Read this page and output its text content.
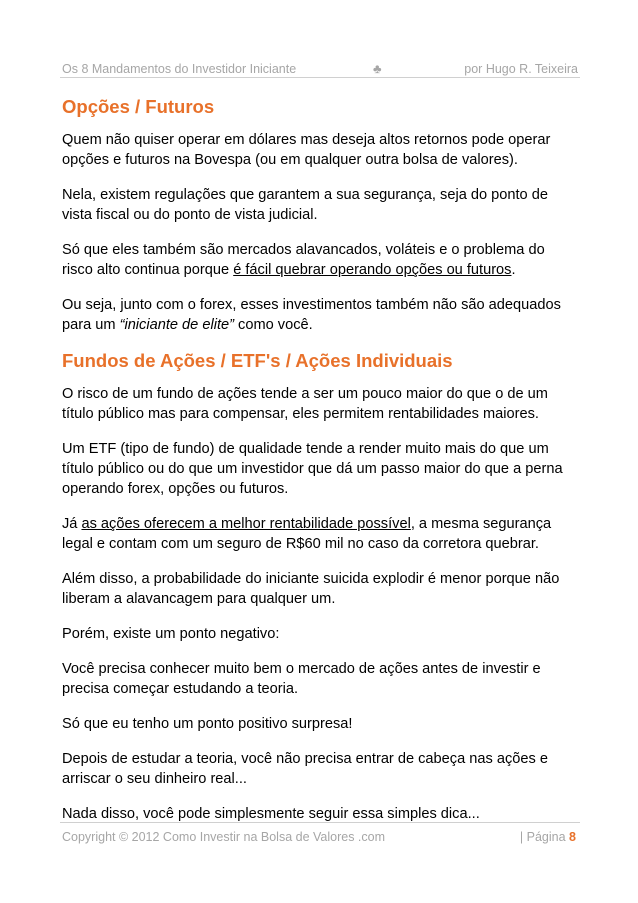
Os 8 Mandamentos do Investidor Iniciante	♣	por Hugo R. Teixeira
Opções / Futuros

Quem não quiser operar em dólares mas deseja altos retornos pode operar
opções e futuros na Bovespa (ou em qualquer outra bolsa de valores).

Nela, existem regulações que garantem a sua segurança, seja do ponto de
vista fiscal ou do ponto de vista judicial.

Só que eles também são mercados alavancados, voláteis e o problema do
risco alto continua porque é fácil quebrar operando opções ou futuros.

Ou seja, junto com o forex, esses investimentos também não são adequados
para um “iniciante de elite” como você.

Fundos de Ações / ETF's / Ações Individuais

O risco de um fundo de ações tende a ser um pouco maior do que o de um
título público mas para compensar, eles permitem rentabilidades maiores.

Um ETF (tipo de fundo) de qualidade tende a render muito mais do que um
título público ou do que um investidor que dá um passo maior do que a perna
operando forex, opções ou futuros.

Já as ações oferecem a melhor rentabilidade possível, a mesma segurança
legal e contam com um seguro de R$60 mil no caso da corretora quebrar.

Além disso, a probabilidade do iniciante suicida explodir é menor porque não
liberam a alavancagem para qualquer um.

Porém, existe um ponto negativo:

Você precisa conhecer muito bem o mercado de ações antes de investir e
precisa começar estudando a teoria.

Só que eu tenho um ponto positivo surpresa!

Depois de estudar a teoria, você não precisa entrar de cabeça nas ações e
arriscar o seu dinheiro real...

Nada disso, você pode simplesmente seguir essa simples dica...

Copyright © 2012 Como Investir na Bolsa de Valores .com	| Página 8
